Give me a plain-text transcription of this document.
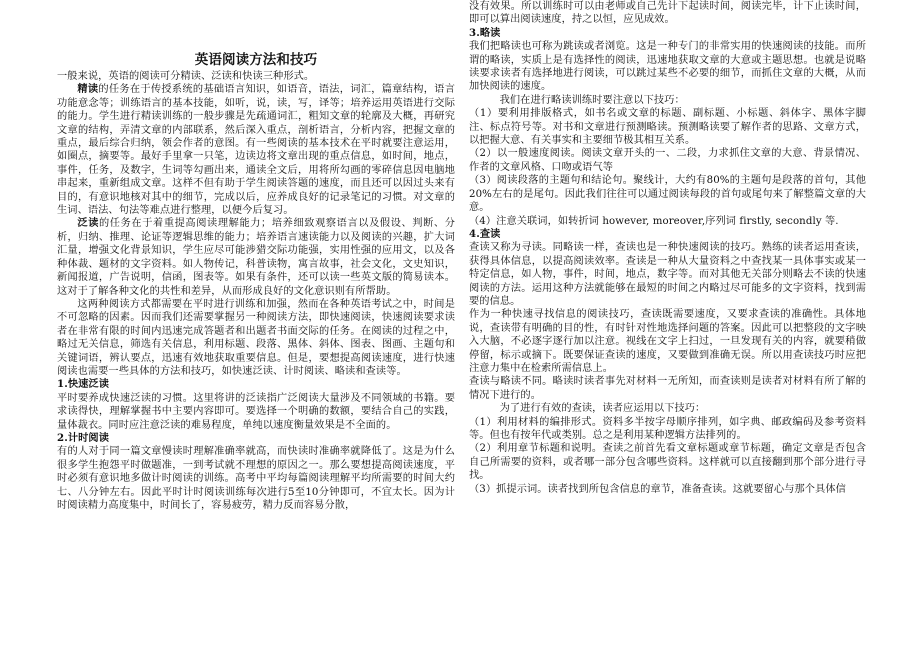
英语阅读方法和技巧

一般来说，英语的阅读可分精读、泛读和快读三种形式。

精读的任务在于传授系统的基础语言知识，如语音，语法，词汇，篇章结构，语言功能意念等；训练语言的基本技能，如听，说，读，写，译等；培养运用英语进行交际的能力。学生进行精读训练的一般步骤是先疏通词汇，粗知文章的轮廓及大概，再研究文章的结构，弄清文章的内部联系，然后深入重点，剖析语言，分析内容，把握文章的重点，最后综合归纳，领会作者的意图。有一些阅读的基本技术在平时就要注意运用，如圈点，摘要等。最好手里拿一只笔，边读边将文章出现的重点信息，如时间，地点，事件，任务，及数字，生词等勾画出来，通读全文后，用将所勾画的零碎信息因电脑地串起来，重新组成文章。这样不但有助于学生阅读答题的速度，而且还可以因过头来有目的，有意识地核对其中的细节，完成以后，应养成良好的记录笔记的习惯。对文章的生词、语法、句法等难点进行整理，以便今后复习。

泛读的任务在于着重提高阅读理解能力；培养细致观察语言以及假设、判断、分析，归纳、推理、论证等逻辑思维的能力；培养语言速读能力以及阅读的兴趣，扩大词汇量，增强文化背景知识，学生应尽可能涉猎交际功能强，实用性强的应用文，以及各种体裁、题材的文字资料。如人物传记，科普读物，寓言故事，社会文化，文史知识，新闻报道，广告说明，信函，图表等。如果有条件，还可以读一些英文版的简易读本。这对于了解各种文化的共性和差异，从而形成良好的文化意识则有所帮助。

这两种阅读方式都需要在平时进行训练和加强，然而在各种英语考试之中，时间是不可忽略的因素。因而我们还需要掌握另一种阅读方法，即快速阅读，快速阅读要求读者在非常有限的时间内迅速完成答题者和出题者书面交际的任务。在阅读的过程之中，略过无关信息，筛选有关信息，利用标题、段落、黑体、斜体、图表、图画、主题句和关键词语，辨认要点，迅速有效地获取重要信息。但是，要想提高阅读速度，进行快速阅读也需要一些具体的方法和技巧，如快速泛读、计时阅读、略读和查读等。

1.快速泛读

平时要养成快速泛读的习惯。这里将讲的泛读指广泛阅读大量涉及不同领域的书籍。要求读得快，理解掌握书中主要内容即可。要选择一个明确的数额，要结合自己的实践，量体裁衣。同时应注意泛读的难易程度，单纯以速度衡量效果是不全面的。

2.计时阅读

有的人对于同一篇文章慢读时理解准确率就高，而快读时准确率就降低了。这是为什么很多学生抱怨平时做题准，一到考试就不理想的原因之一。那么要想提高阅读速度，平时必须有意识地多做计时阅读的训练。高考中平均每篇阅读理解平均所需要的时间大约七、八分钟左右。因此平时计时阅读训练每次进行5至10分钟即可，不宜太长。因为计时阅读精力高度集中，时间长了，容易疲劳，精力反而容易分散，

没有效果。所以训练时可以由老师或自己先计下起读时间，阅读完毕，计下止读时间，即可以算出阅读速度，持之以恒，应见成效。

3.略读

我们把略读也可称为跳读或者浏览。这是一种专门的非常实用的快速阅读的技能。而所谓的略读，实质上是有选择性的阅读，迅速地获取文章的大意或主题思想。也就是说略读要求读者有选择地进行阅读，可以跳过某些不必要的细节，而抓住文章的大概，从而加快阅读的速度。

我们在进行略读训练时要注意以下技巧：

（1）要利用排版格式，如书名或文章的标题、副标题、小标题、斜体字、黑体字脚注、标点符号等。对书和文章进行预测略读。预测略读要了解作者的思路、文章方式，以把握大意、有关事实和主要细节极其相互关系。

（2）以一般速度阅读。阅读文章开头的一、二段，力求抓住文章的大意、背景情况、作者的文章风格、口吻或语气等

（3）阅读段落的主题句和结论句。聚线计，大约有80%的主题句是段落的首句，其他20%左右的是尾句。因此我们往往可以通过阅读每段的首句或尾句来了解整篇文章的大意。

（4）注意关联词，如转折词 however, moreover,序列词 firstly, secondly 等.

4.查读

查读又称为寻读。同略读一样，查读也是一种快速阅读的技巧。熟练的读者运用查读，获得具体信息，以提高阅读效率。查读是一种从大量资料之中查找某一具体事实或某一特定信息，如人物，事件，时间，地点，数字等。而对其他无关部分则略去不读的快速阅读的方法。运用这种方法就能够在最短的时间之内略过尽可能多的文字资料，找到需要的信息。

作为一种快速寻找信息的阅读技巧，查读既需要速度，又要求查读的准确性。具体地说，查读带有明确的目的性，有时针对性地选择问题的答案。因此可以把整段的文字映入大脑，不必逐字逐行加以注意。视线在文字上扫过，一旦发现有关的内容，就要稍做停留，标示或摘下。既要保证查读的速度，又要做到准确无误。所以用查读技巧时应把注意力集中在检索所需信息上。

查读与略读不同。略读时读者事先对材料一无所知，而查读则是读者对材料有所了解的情况下进行的。

为了进行有效的查读，读者应运用以下技巧：

（1）利用材料的编排形式。资料多半按字母顺序排列，如字典、邮政编码及参考资料等。但也有按年代或类别。总之是利用某种逻辑方法排列的。

（2）利用章节标题和说明。查读之前首先看文章标题或章节标题，确定文章是否包含自己所需要的资料，或者哪一部分包含哪些资料。这样就可以直接翻到那个部分进行寻找。

（3）抓提示词。读者找到所包含信息的章节，准备查读。这就要留心与那个具体信
